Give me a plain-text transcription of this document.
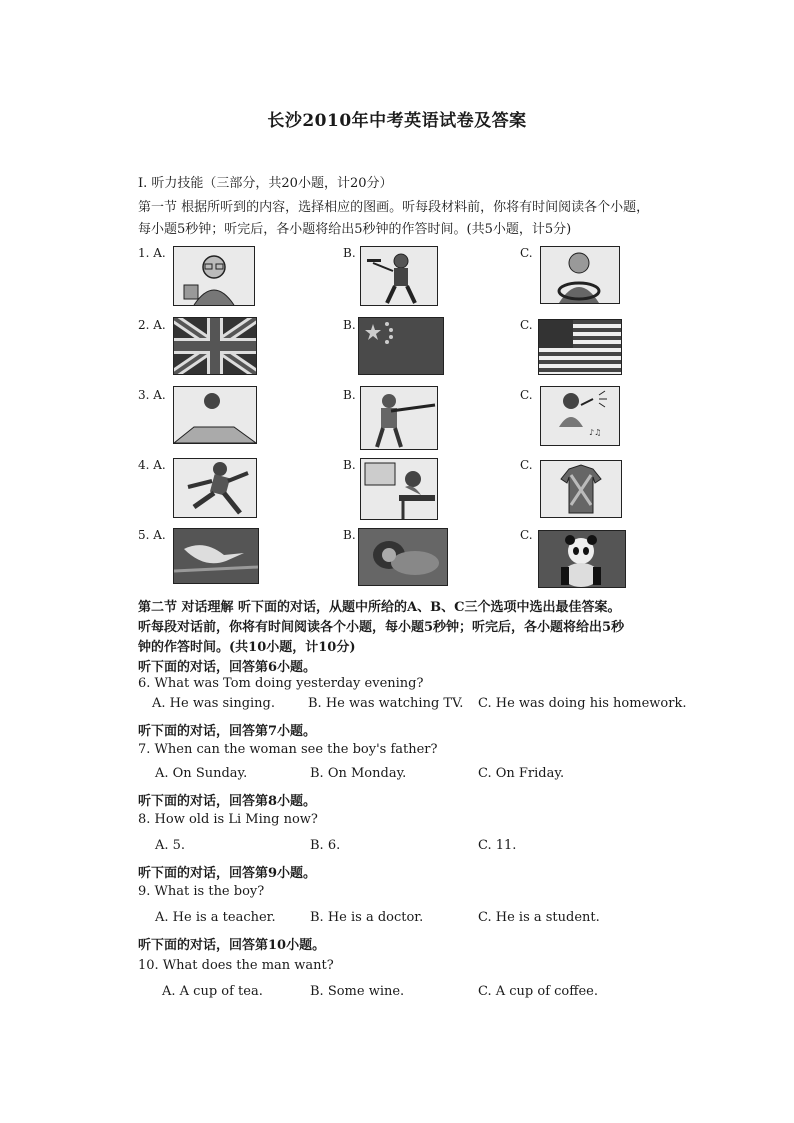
长沙2010年中考英语试卷及答案
I. 听力技能（三部分，共20小题，计20分）
第一节 根据所听到的内容，选择相应的图画。听每段材料前，你将有时间阅读各个小题，
每小题5秒钟；听完后，各小题将给出5秒钟的作答时间。(共5小题，计5分)
1. A.	B.	C.
2. A.	B.	C.
3. A.	B.	C.
♪♫
4. A.	B.	C.
5. A.	B.	C.
第二节 对话理解 听下面的对话，从题中所给的A、B、C三个选项中选出最佳答案。
听每段对话前，你将有时间阅读各个小题，每小题5秒钟；听完后，各小题将给出5秒
钟的作答时间。(共10小题，计10分)
听下面的对话，回答第6小题。
6. What was Tom doing yesterday evening?
A. He was singing.	B. He was watching TV. C. He was doing his homework.
听下面的对话，回答第7小题。
7. When can the woman see the boy's father?
A. On Sunday.	B. On Monday.	C. On Friday.
听下面的对话，回答第8小题。
8. How old is Li Ming now?
A. 5.	B. 6.	C. 11.
听下面的对话，回答第9小题。
9. What is the boy?
A. He is a teacher.	B. He is a doctor.	C. He is a student.
听下面的对话，回答第10小题。
10. What does the man want?
A. A cup of tea.	B. Some wine.	C. A cup of coffee.
